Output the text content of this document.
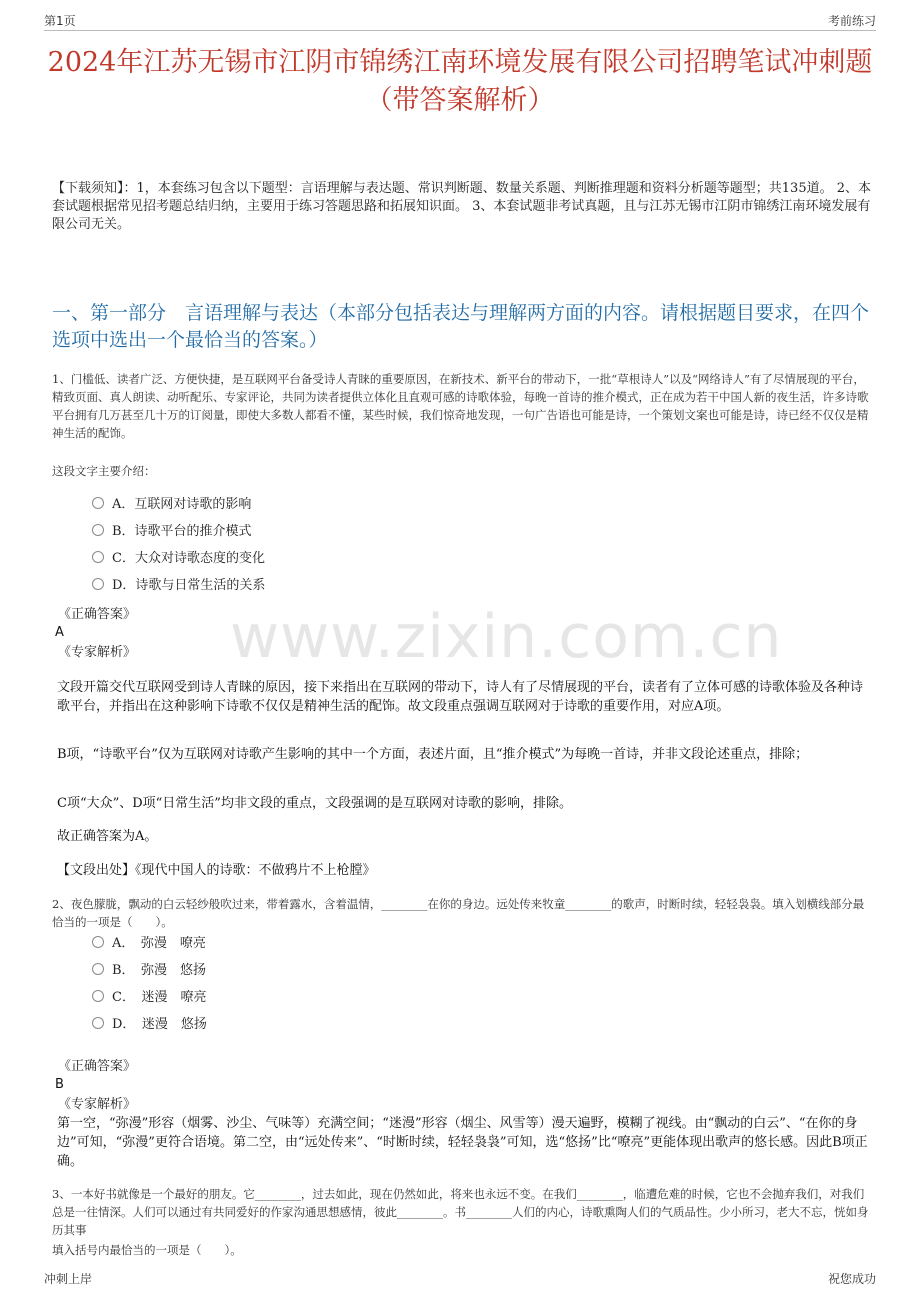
第1页	考前练习
2024年江苏无锡市江阴市锦绣江南环境发展有限公司招聘笔试冲刺题（带答案解析）
【下载须知】：1，本套练习包含以下题型：言语理解与表达题、常识判断题、数量关系题、判断推理题和资料分析题等题型；共135道。 2、本套试题根据常见招考题总结归纳，主要用于练习答题思路和拓展知识面。 3、本套试题非考试真题，且与江苏无锡市江阴市锦绣江南环境发展有限公司无关。
一、第一部分　言语理解与表达（本部分包括表达与理解两方面的内容。请根据题目要求，在四个选项中选出一个最恰当的答案。）
1、门槛低、读者广泛、方便快捷，是互联网平台备受诗人青睐的重要原因，在新技术、新平台的带动下，一批“草根诗人”以及“网络诗人”有了尽情展现的平台，精致页面、真人朗读、动听配乐、专家评论，共同为读者提供立体化且直观可感的诗歌体验，每晚一首诗的推介模式，正在成为若干中国人新的夜生活，许多诗歌平台拥有几万甚至几十万的订阅量，即使大多数人都看不懂，某些时候，我们惊奇地发现，一句广告语也可能是诗，一个策划文案也可能是诗，诗已经不仅仅是精神生活的配饰。
这段文字主要介绍：
A．互联网对诗歌的影响
B．诗歌平台的推介模式
C．大众对诗歌态度的变化
D．诗歌与日常生活的关系
《正确答案》
A
《专家解析》 www.zixin.com.cn
文段开篇交代互联网受到诗人青睐的原因，接下来指出在互联网的带动下，诗人有了尽情展现的平台，读者有了立体可感的诗歌体验及各种诗歌平台，并指出在这种影响下诗歌不仅仅是精神生活的配饰。故文段重点强调互联网对于诗歌的重要作用，对应A项。
B项，“诗歌平台”仅为互联网对诗歌产生影响的其中一个方面，表述片面，且“推介模式”为每晚一首诗，并非文段论述重点，排除；
C项“大众”、D项“日常生活”均非文段的重点，文段强调的是互联网对诗歌的影响，排除。
故正确答案为A。
【文段出处】《现代中国人的诗歌：不做鸦片不上枪膛》
2、夜色朦胧，飘动的白云轻纱般吹过来，带着露水，含着温情，________在你的身边。远处传来牧童________的歌声，时断时续，轻轻袅袅。填入划横线部分最恰当的一项是（　　）。
A．　弥漫　嘹亮
B．　弥漫　悠扬
C．　迷漫　嘹亮
D．　迷漫　悠扬
《正确答案》
B
《专家解析》
第一空，“弥漫”形容（烟雾、沙尘、气味等）充满空间；“迷漫”形容（烟尘、风雪等）漫天遍野，模糊了视线。由“飘动的白云”、“在你的身边”可知，“弥漫”更符合语境。第二空，由“远处传来”、“时断时续，轻轻袅袅”可知，选“悠扬”比“嘹亮”更能体现出歌声的悠长感。因此B项正确。
3、一本好书就像是一个最好的朋友。它________，过去如此，现在仍然如此，将来也永远不变。在我们________，临遭危难的时候，它也不会抛弃我们，对我们总是一往情深。人们可以通过有共同爱好的作家沟通思想感情，彼此________。书________人们的内心，诗歌熏陶人们的气质品性。少小所习，老大不忘，恍如身历其事
填入括号内最恰当的一项是（　　）。
冲刺上岸	祝您成功
